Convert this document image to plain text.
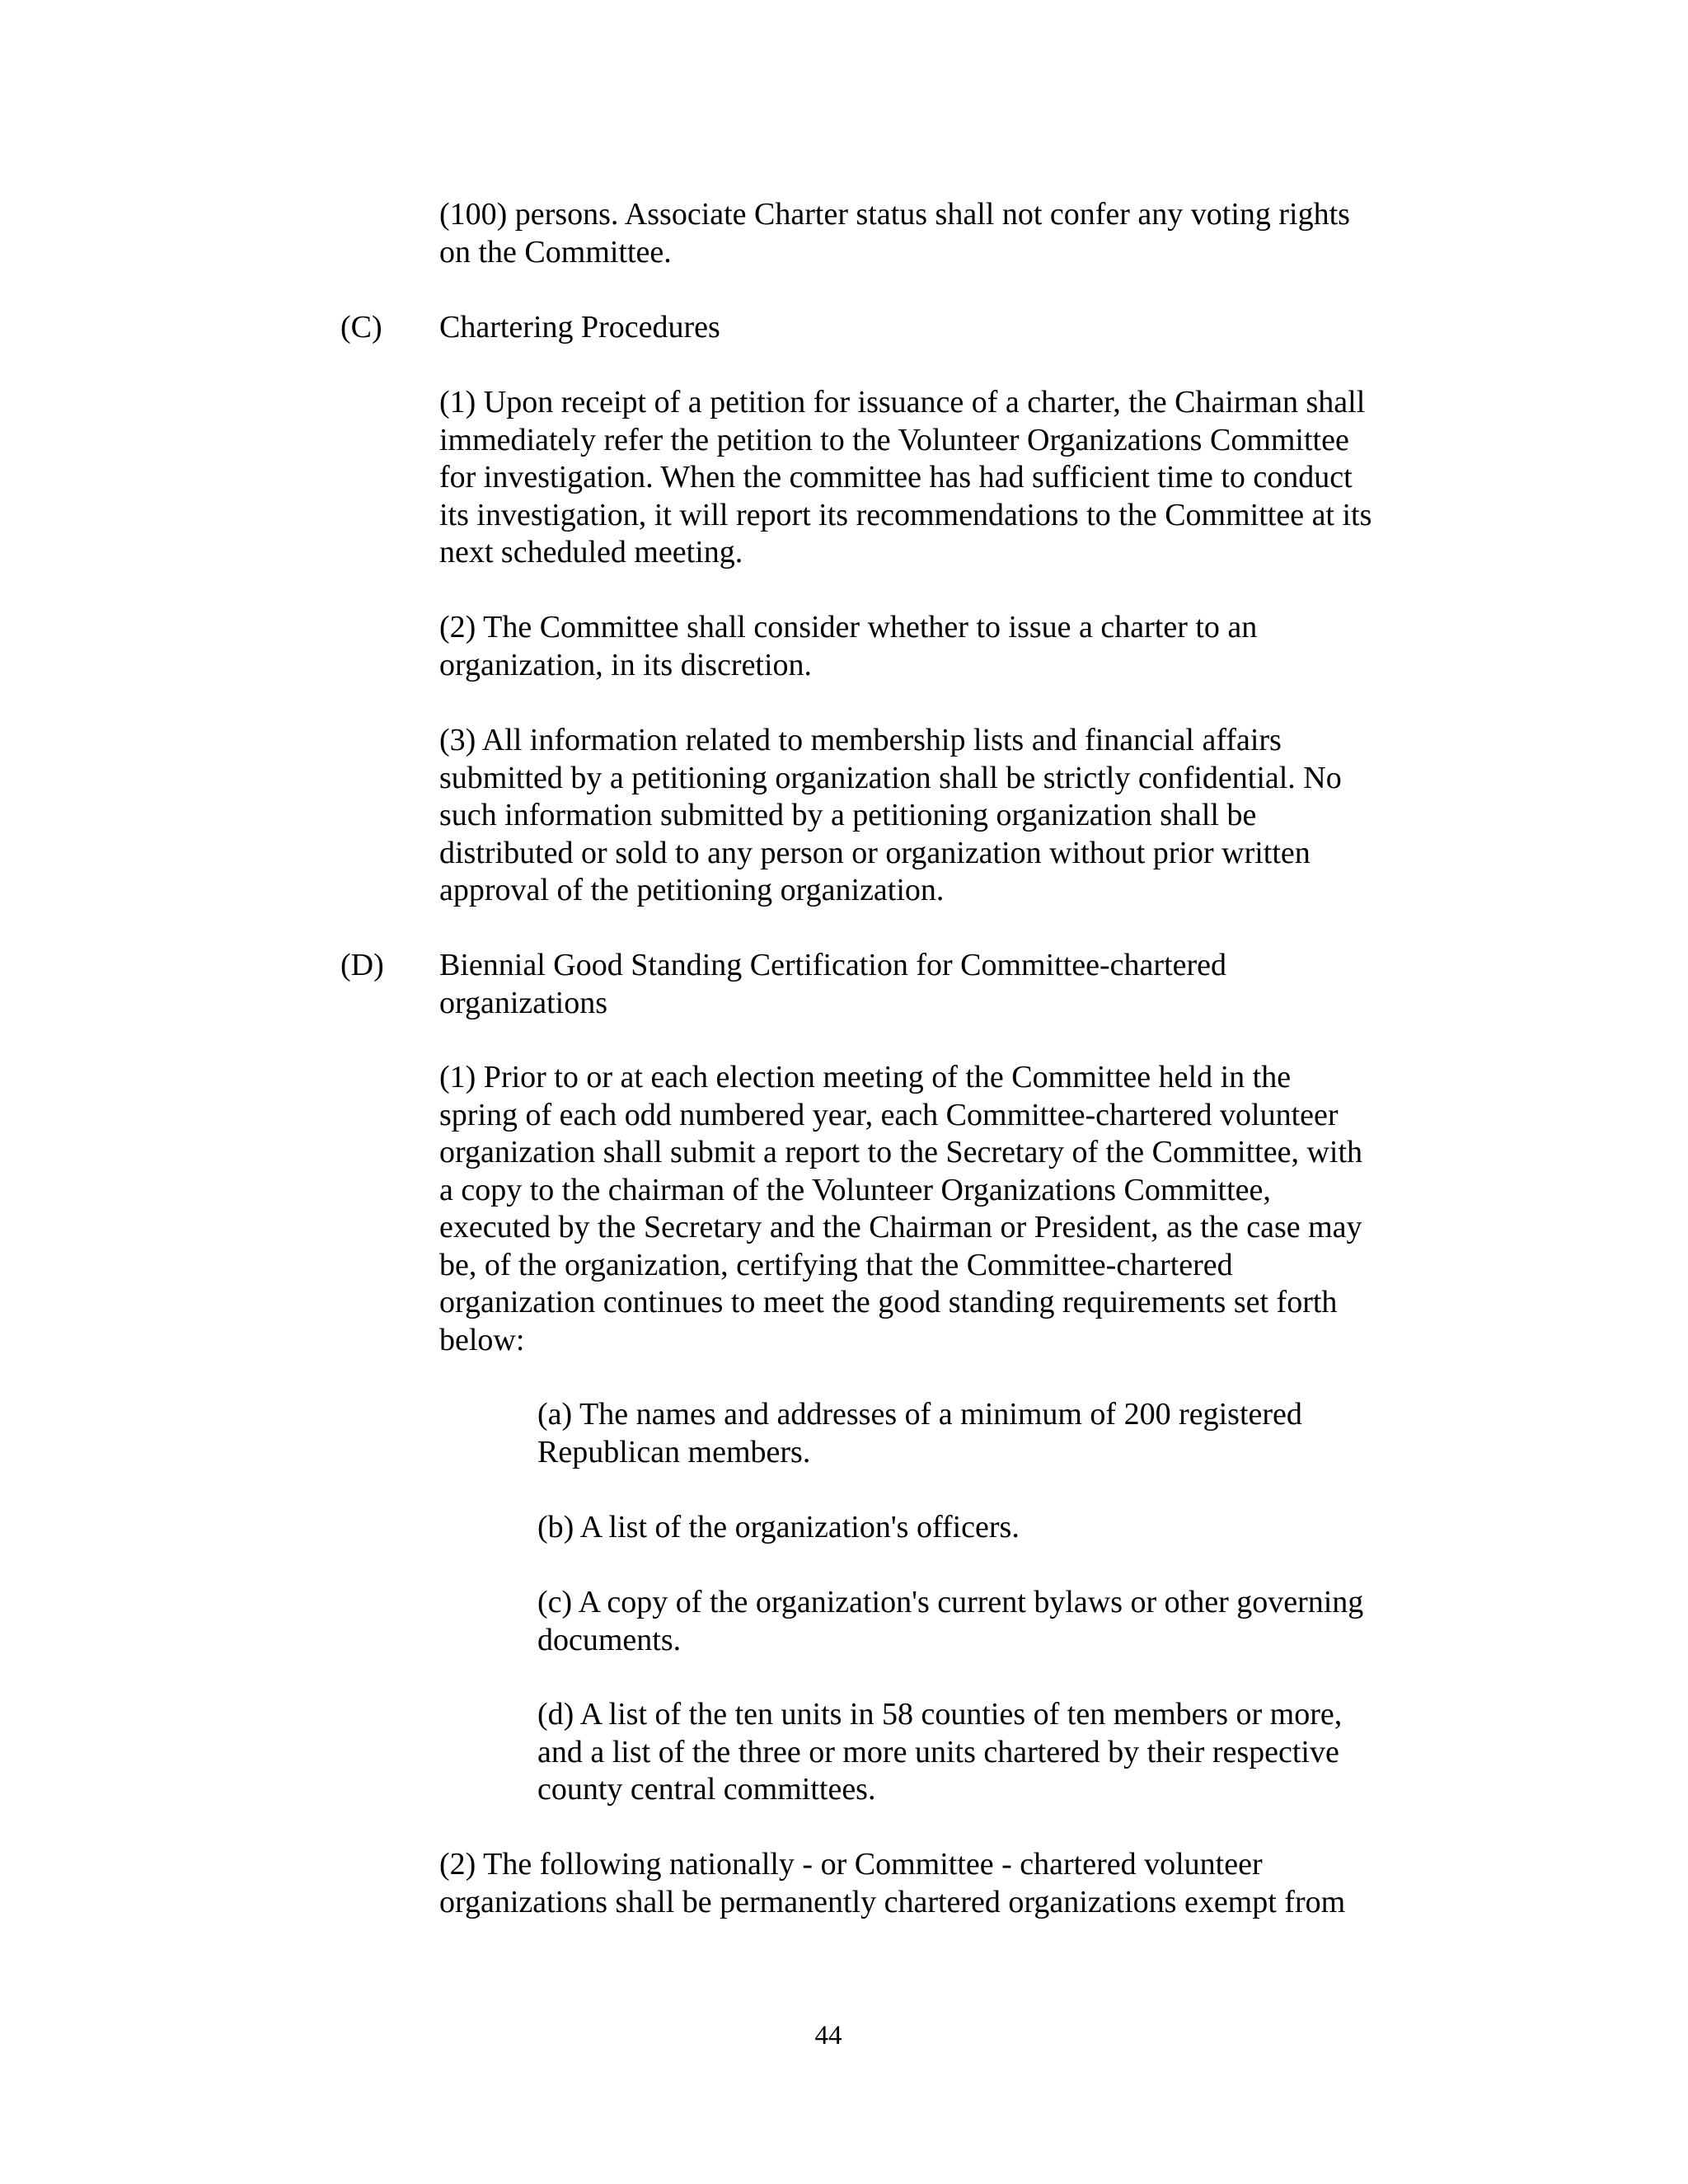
(100) persons. Associate Charter status shall not confer any voting rights
on the Committee.

(C) Chartering Procedures

(1) Upon receipt of a petition for issuance of a charter, the Chairman shall
immediately refer the petition to the Volunteer Organizations Committee
for investigation. When the committee has had sufficient time to conduct
its investigation, it will report its recommendations to the Committee at its
next scheduled meeting.

(2) The Committee shall consider whether to issue a charter to an
organization, in its discretion.

(3) All information related to membership lists and financial affairs
submitted by a petitioning organization shall be strictly confidential. No
such information submitted by a petitioning organization shall be
distributed or sold to any person or organization without prior written
approval of the petitioning organization.

(D) Biennial Good Standing Certification for Committee-chartered
organizations

(1) Prior to or at each election meeting of the Committee held in the
spring of each odd numbered year, each Committee-chartered volunteer
organization shall submit a report to the Secretary of the Committee, with
a copy to the chairman of the Volunteer Organizations Committee,
executed by the Secretary and the Chairman or President, as the case may
be, of the organization, certifying that the Committee-chartered
organization continues to meet the good standing requirements set forth
below:

(a) The names and addresses of a minimum of 200 registered
Republican members.

(b) A list of the organization's officers.

(c) A copy of the organization's current bylaws or other governing
documents.

(d) A list of the ten units in 58 counties of ten members or more,
and a list of the three or more units chartered by their respective
county central committees.

(2) The following nationally - or Committee - chartered volunteer
organizations shall be permanently chartered organizations exempt from

44
